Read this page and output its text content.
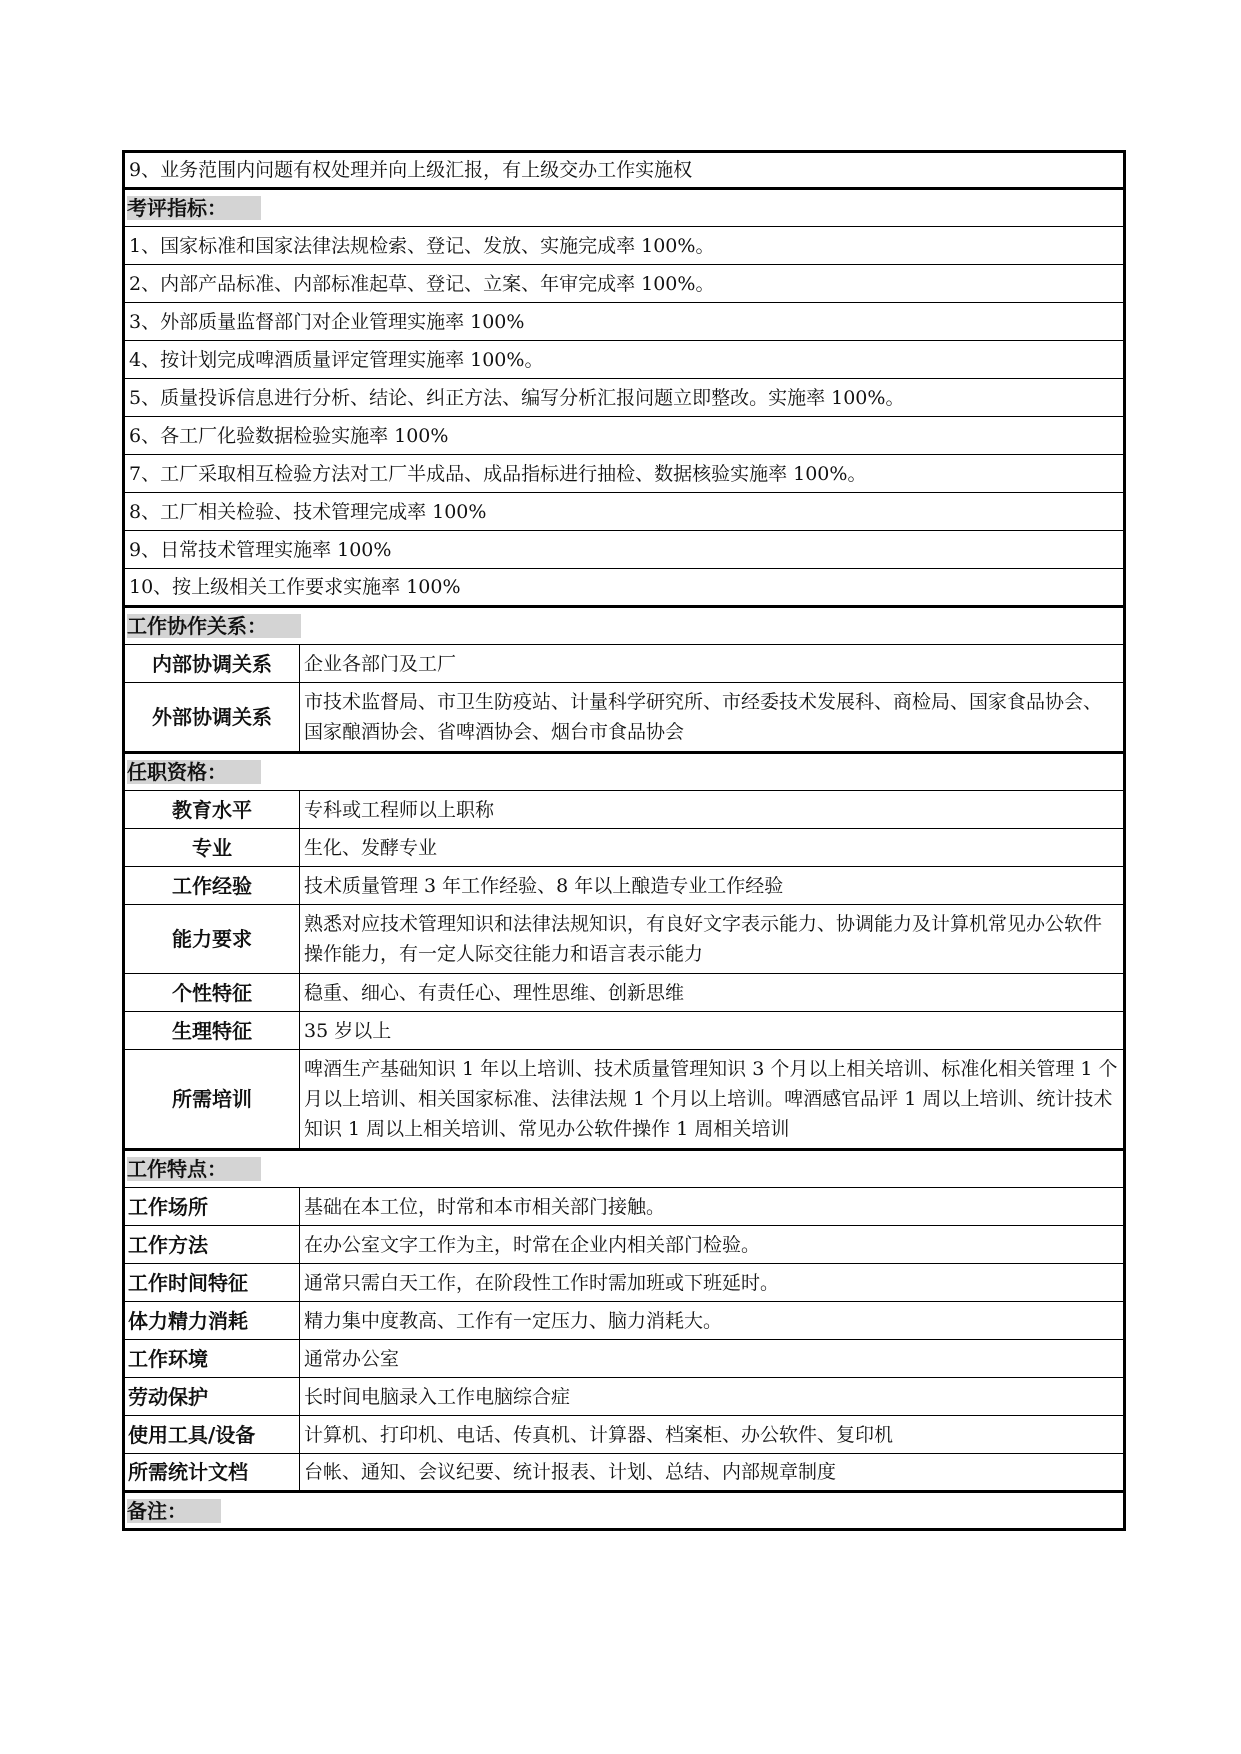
9、业务范围内问题有权处理并向上级汇报，有上级交办工作实施权	
考评指标：	
1、国家标准和国家法律法规检索、登记、发放、实施完成率 100%。	
2、内部产品标准、内部标准起草、登记、立案、年审完成率 100%。	
3、外部质量监督部门对企业管理实施率 100%	
4、按计划完成啤酒质量评定管理实施率 100%。	
5、质量投诉信息进行分析、结论、纠正方法、编写分析汇报问题立即整改。实施率 100%。	
6、各工厂化验数据检验实施率 100%	
7、工厂采取相互检验方法对工厂半成品、成品指标进行抽检、数据核验实施率 100%。	
8、工厂相关检验、技术管理完成率 100%	
9、日常技术管理实施率 100%	
10、按上级相关工作要求实施率 100%	
工作协作关系：	
内部协调关系	企业各部门及工厂
外部协调关系	市技术监督局、市卫生防疫站、计量科学研究所、市经委技术发展科、商检局、国家食品协会、国家酿酒协会、省啤酒协会、烟台市食品协会
任职资格：	
教育水平	专科或工程师以上职称
专业	生化、发酵专业
工作经验	技术质量管理 3 年工作经验、8 年以上酿造专业工作经验
能力要求	熟悉对应技术管理知识和法律法规知识，有良好文字表示能力、协调能力及计算机常见办公软件操作能力，有一定人际交往能力和语言表示能力
个性特征	稳重、细心、有责任心、理性思维、创新思维
生理特征	35 岁以上
所需培训	啤酒生产基础知识 1 年以上培训、技术质量管理知识 3 个月以上相关培训、标准化相关管理 1 个月以上培训、相关国家标准、法律法规 1 个月以上培训。啤酒感官品评 1 周以上培训、统计技术知识 1 周以上相关培训、常见办公软件操作 1 周相关培训
工作特点：	
工作场所	基础在本工位，时常和本市相关部门接触。
工作方法	在办公室文字工作为主，时常在企业内相关部门检验。
工作时间特征	通常只需白天工作，在阶段性工作时需加班或下班延时。
体力精力消耗	精力集中度教高、工作有一定压力、脑力消耗大。
工作环境	通常办公室
劳动保护	长时间电脑录入工作电脑综合症
使用工具/设备	计算机、打印机、电话、传真机、计算器、档案柜、办公软件、复印机
所需统计文档	台帐、通知、会议纪要、统计报表、计划、总结、内部规章制度
备注：	
